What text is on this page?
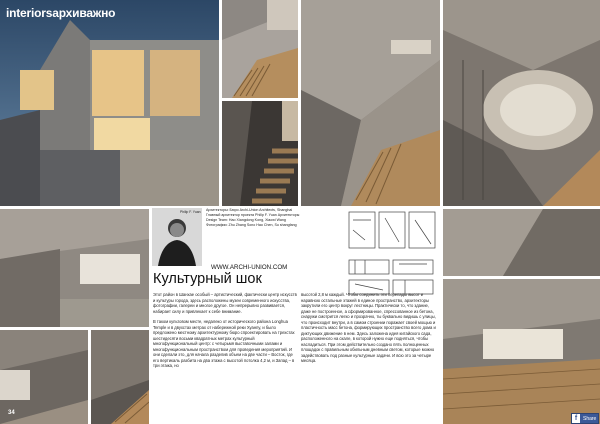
interiorsархиважно
Philip F. Yuan Архитекторы: Бюро Archi-Union Architects, Shanghai Главный архитектор проекта Philip F. Yuan Архитекторы Design Team: Hao Xiangdong Kong, Xiaowi Wang Фотографии: Zhu Zhang Sono Hao Chen, Su shangfang
WWW.ARCHI-UNION.COM
Культурный шок

Этот район в Шанхае особый – артистический, фактически центр искусств и культуры города, здесь расположены музеи современного искусства, фотографии, галереи и многое другое. Он непрерывно развивается, набирает силу и привлекает к себе внимание.

В таком культовом месте, недалеко от исторического района Longhua Temple и в двухстах метрах от набережной реки Хуанпу, и было предложено местному архитектурному бюро спроектировать на трехстах шестидесяти восьми квадратных метрах культурный многофункциональный центр: с четырьмя выставочными залами и многофункциональным пространством для проведения мероприятий. И они сделали это, для начала разделив объем на две части – Восток, где его вертикаль разбита на два этажа с высотой потолка 4,2 м, и Запад – в три этажа, но

высотой 2,8 м каждый. Чтобы соединить эти перепады высот и наравною остальные этажей в единое пространство, архитекторы закрутили его центр вокруг лестницы. Практически то, что здание, даже не построенное, а сформированное, спрессованное из бетона, снаружи смотрится легко и прозрачно, ты буквально видишь с улицы, что происходит внутри, а в самом строении поражает своей мощью и пластичность масс бетона, формирующих пространство всего дома и диктующих движение в нем. Здесь заложена идея китайского сада, расположенного на скале, в которой нужно еще подняться, чтобы насладиться. При этом действительно создано пять полноценных площадок с правильным обильным дневным светом, которые можно задействовать под разные культурные задачи. И всю это за четыре месяца.

34
f	Share
